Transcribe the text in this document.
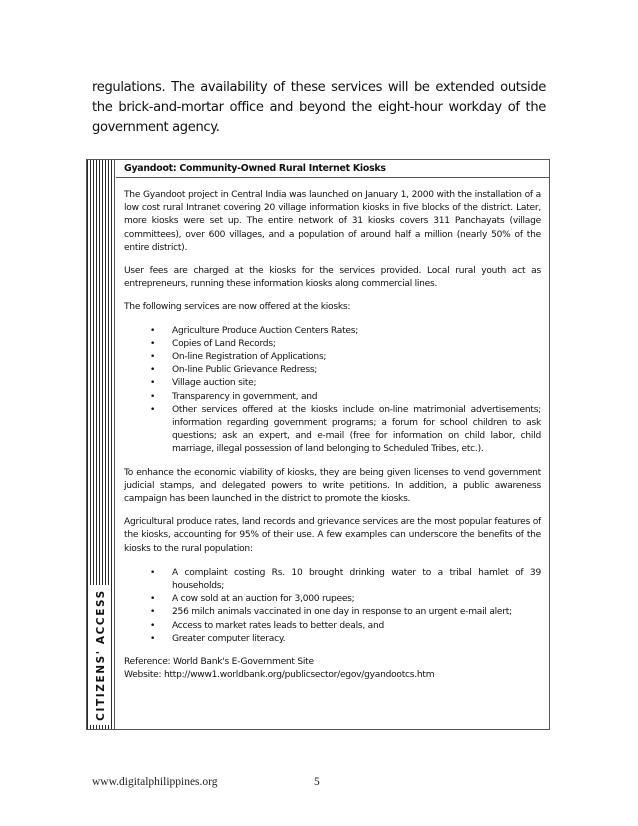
regulations. The availability of these services will be extended outside the brick-and-mortar office and beyond the eight-hour workday of the government agency.
CITIZENS' ACCESS
Gyandoot: Community-Owned Rural Internet Kiosks

The Gyandoot project in Central India was launched on January 1, 2000 with the installation of a low cost rural Intranet covering 20 village information kiosks in five blocks of the district. Later, more kiosks were set up. The entire network of 31 kiosks covers 311 Panchayats (village committees), over 600 villages, and a population of around half a million (nearly 50% of the entire district).

User fees are charged at the kiosks for the services provided. Local rural youth act as entrepreneurs, running these information kiosks along commercial lines.

The following services are now offered at the kiosks:

• Agriculture Produce Auction Centers Rates;
• Copies of Land Records;
• On-line Registration of Applications;
• On-line Public Grievance Redress;
• Village auction site;
• Transparency in government, and
• Other services offered at the kiosks include on-line matrimonial advertisements; information regarding government programs; a forum for school children to ask questions; ask an expert, and e-mail (free for information on child labor, child marriage, illegal possession of land belonging to Scheduled Tribes, etc.).

To enhance the economic viability of kiosks, they are being given licenses to vend government judicial stamps, and delegated powers to write petitions. In addition, a public awareness campaign has been launched in the district to promote the kiosks.

Agricultural produce rates, land records and grievance services are the most popular features of the kiosks, accounting for 95% of their use. A few examples can underscore the benefits of the kiosks to the rural population:

• A complaint costing Rs. 10 brought drinking water to a tribal hamlet of 39 households;
• A cow sold at an auction for 3,000 rupees;
• 256 milch animals vaccinated in one day in response to an urgent e-mail alert;
• Access to market rates leads to better deals, and
• Greater computer literacy.

Reference: World Bank's E-Government Site

Website: http://www1.worldbank.org/publicsector/egov/gyandootcs.htm

www.digitalphilippines.org	5
